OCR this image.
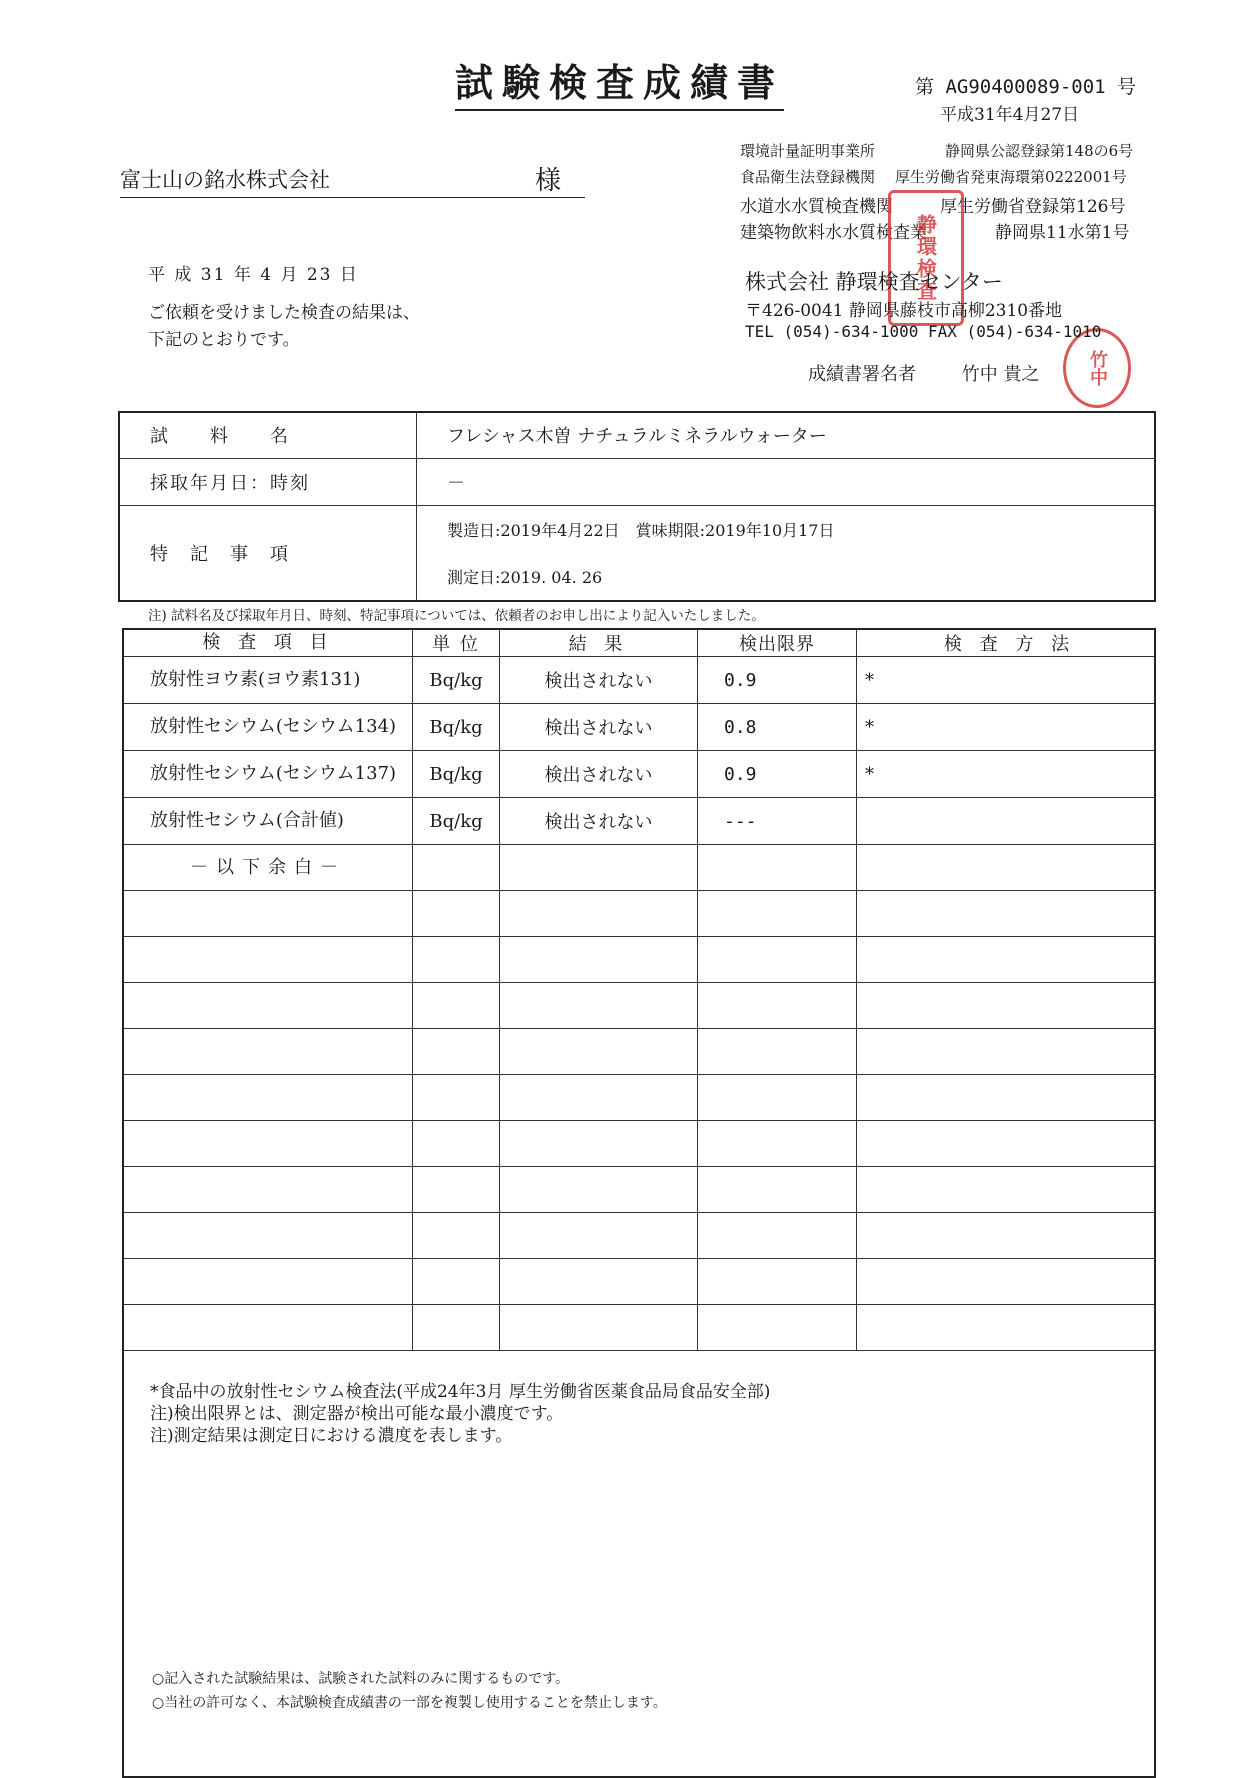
試験検査成績書	第 AG90400089-001 号
平成31年4月27日
富士山の銘水株式会社	様
環境計量証明事業所	静岡県公認登録第148の6号
食品衛生法登録機関 厚生労働省発東海環第0222001号
水道水水質検査機関	厚生労働省登録第126号
建築物飲料水水質検査業	静岡県11水第1号
静環検査
竹中
平 成 31 年 4 月 23 日
ご依頼を受けました検査の結果は、
下記のとおりです。
株式会社 静環検査センター
〒426-0041 静岡県藤枝市高柳2310番地
TEL (054)-634-1000 FAX (054)-634-1010
成績書署名者	竹中 貴之
試　　料　　名	フレシャス木曽 ナチュラルミネラルウォーター
採取年月日：時刻	－
特　記　事　項	製造日:2019年4月22日　賞味期限:2019年10月17日
測定日:2019. 04. 26
注) 試料名及び採取年月日、時刻、特記事項については、依頼者のお申し出により記入いたしました。
検 査 項 目	単 位	結 果	検出限界	検 査 方 法
放射性ヨウ素(ヨウ素131)	Bq/kg	検出されない	0.9	*
放射性セシウム(セシウム134)	Bq/kg	検出されない	0.8	*
放射性セシウム(セシウム137)	Bq/kg	検出されない	0.9	*
放射性セシウム(合計値)	Bq/kg	検出されない	---	
－以下余白－				

*食品中の放射性セシウム検査法(平成24年3月 厚生労働省医薬食品局食品安全部)
注)検出限界とは、測定器が検出可能な最小濃度です。
注)測定結果は測定日における濃度を表します。				
○記入された試験結果は、試験された試料のみに関するものです。
○当社の許可なく、本試験検査成績書の一部を複製し使用することを禁止します。
